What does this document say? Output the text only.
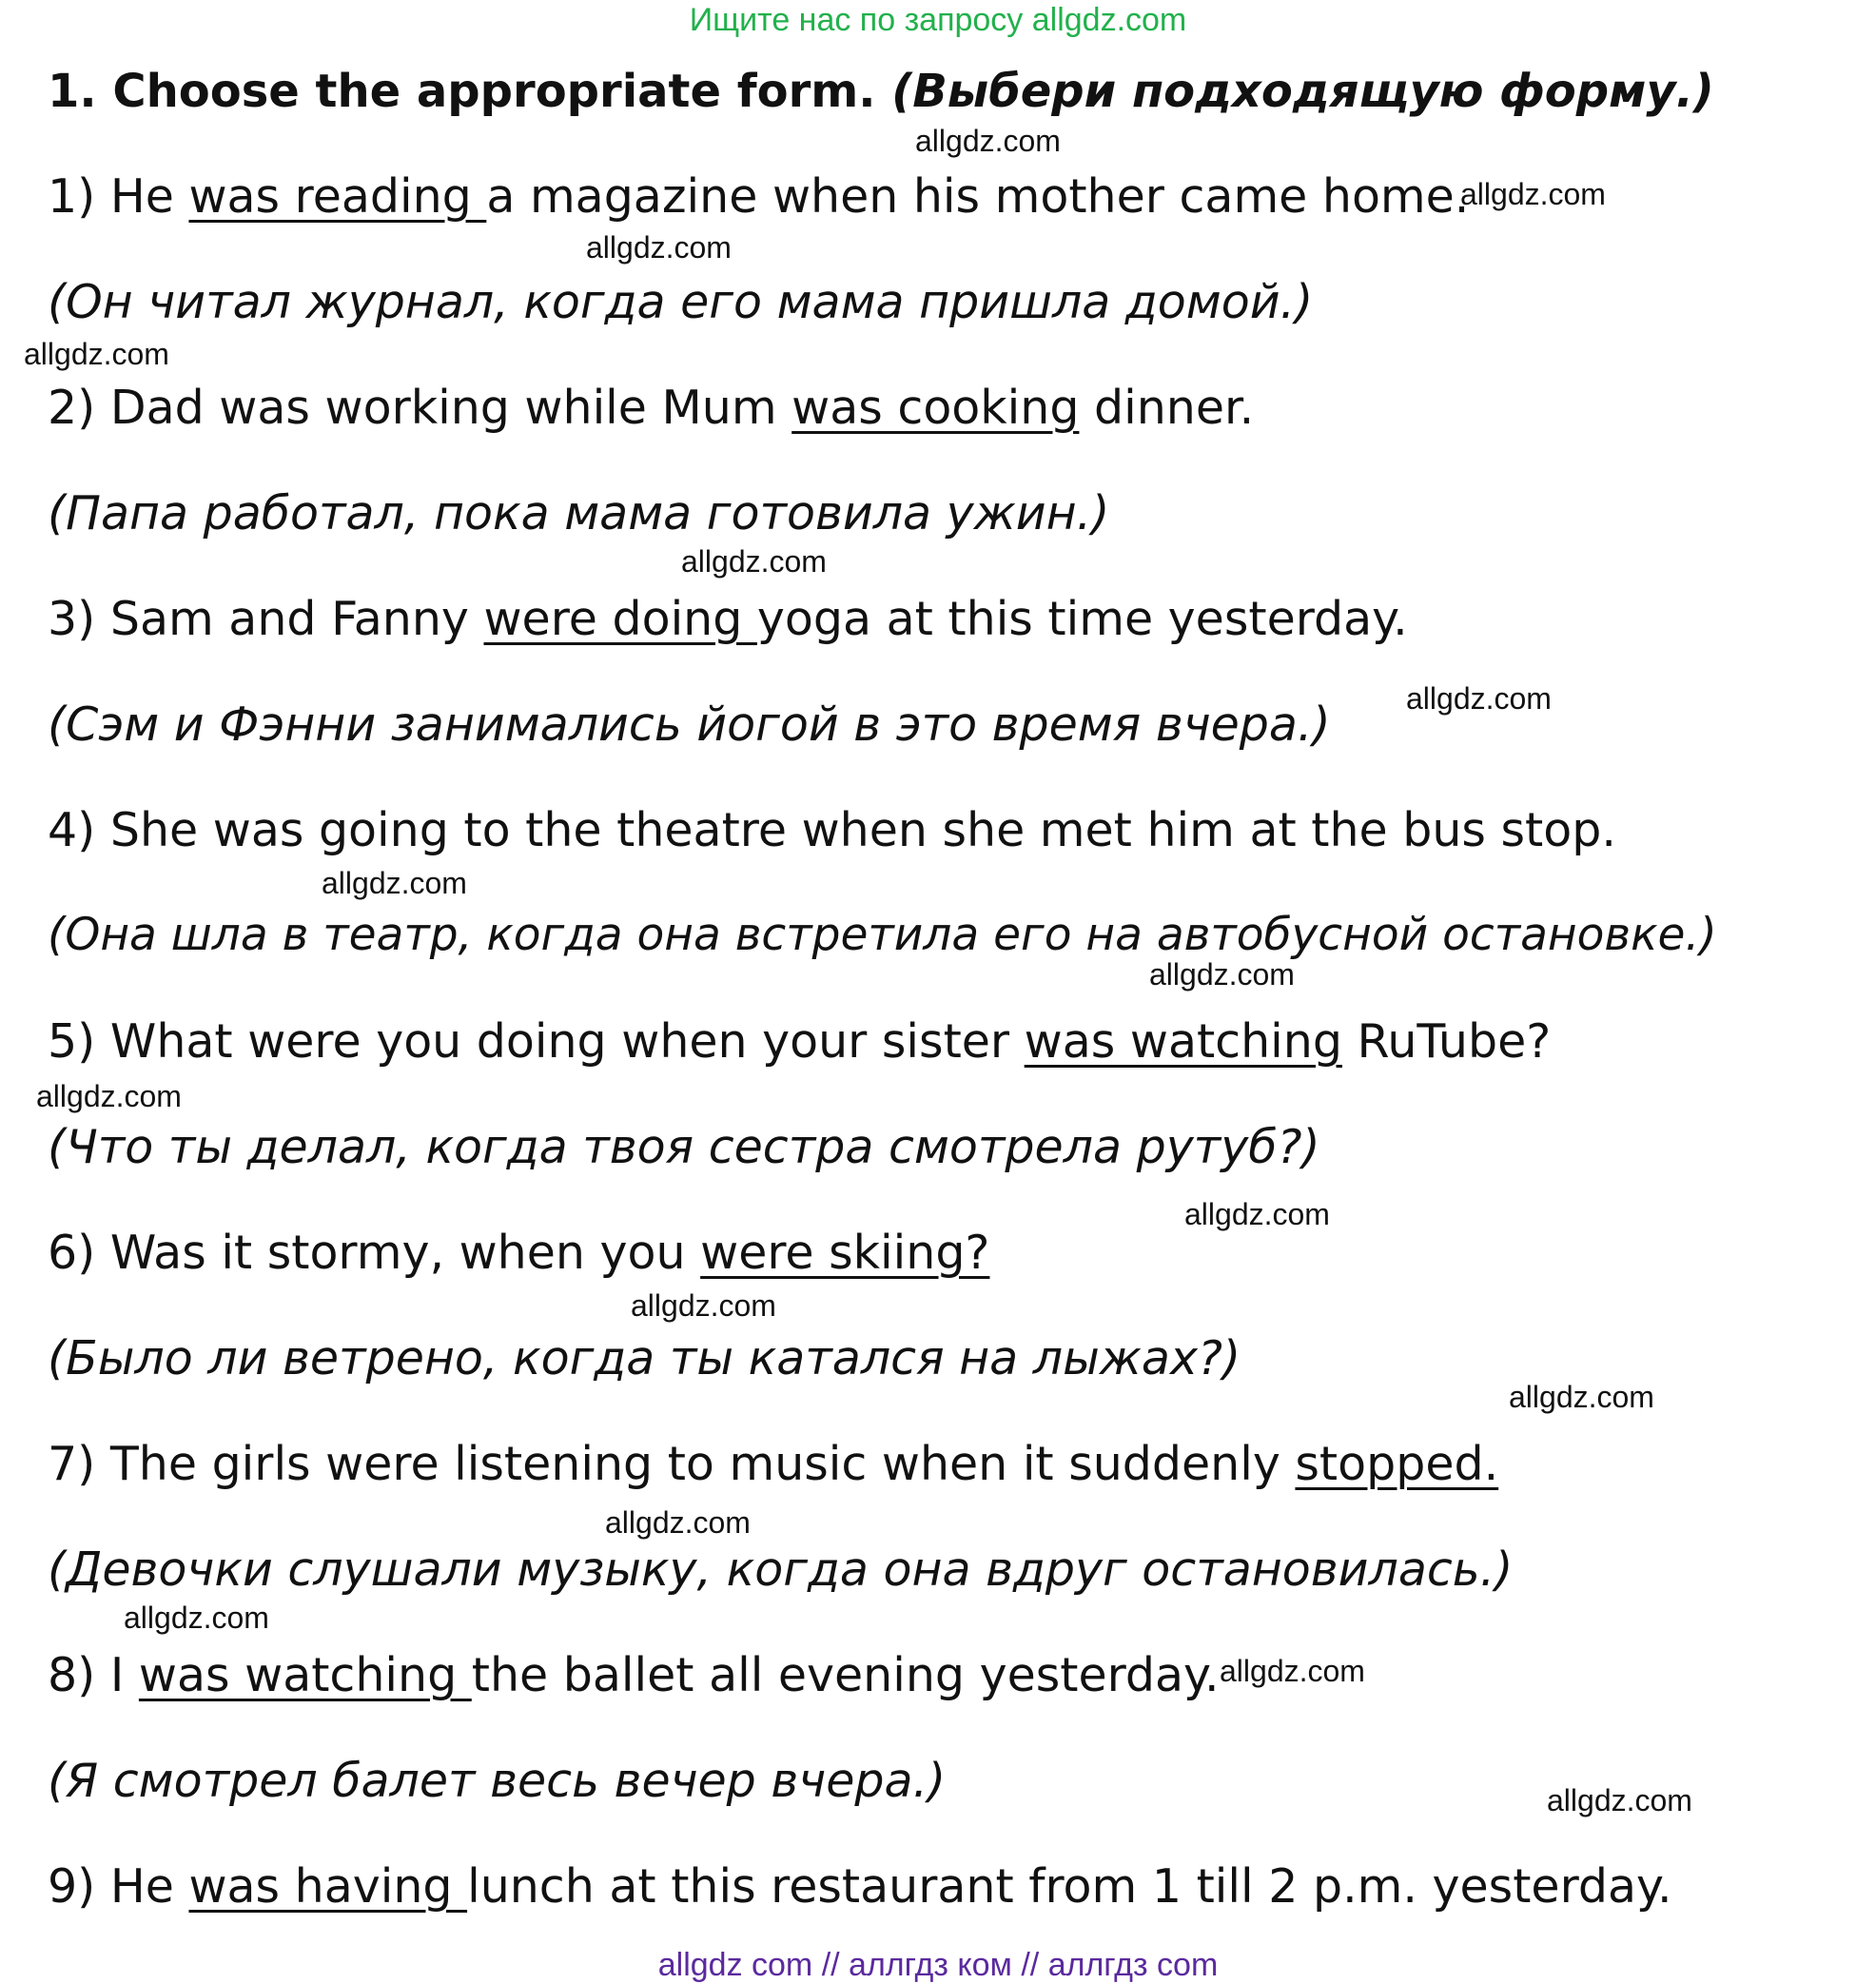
Ищите нас по запросу allgdz.com
1. Choose the appropriate form. (Выбери подходящую форму.)
1) He was reading a magazine when his mother came home.
(Он читал журнал, когда его мама пришла домой.)
2) Dad was working while Mum was cooking dinner.
(Папа работал, пока мама готовила ужин.)
3) Sam and Fanny were doing yoga at this time yesterday.
(Сэм и Фэнни занимались йогой в это время вчера.)
4) She was going to the theatre when she met him at the bus stop.
(Она шла в театр, когда она встретила его на автобусной остановке.)
5) What were you doing when your sister was watching RuTube?
(Что ты делал, когда твоя сестра смотрела рутуб?)
6) Was it stormy, when you were skiing?
(Было ли ветрено, когда ты катался на лыжах?)
7) The girls were listening to music when it suddenly stopped.
(Девочки слушали музыку, когда она вдруг остановилась.)
8) I was watching the ballet all evening yesterday.
(Я смотрел балет весь вечер вчера.)
9) He was having lunch at this restaurant from 1 till 2 p.m. yesterday.
allgdz.com
allgdz.com
allgdz.com
allgdz.com
allgdz.com
allgdz.com
allgdz.com
allgdz.com
allgdz.com
allgdz.com
allgdz.com
allgdz.com
allgdz.com
allgdz.com
allgdz.com
allgdz.com
allgdz com // аллгдз ком // аллгдз com
